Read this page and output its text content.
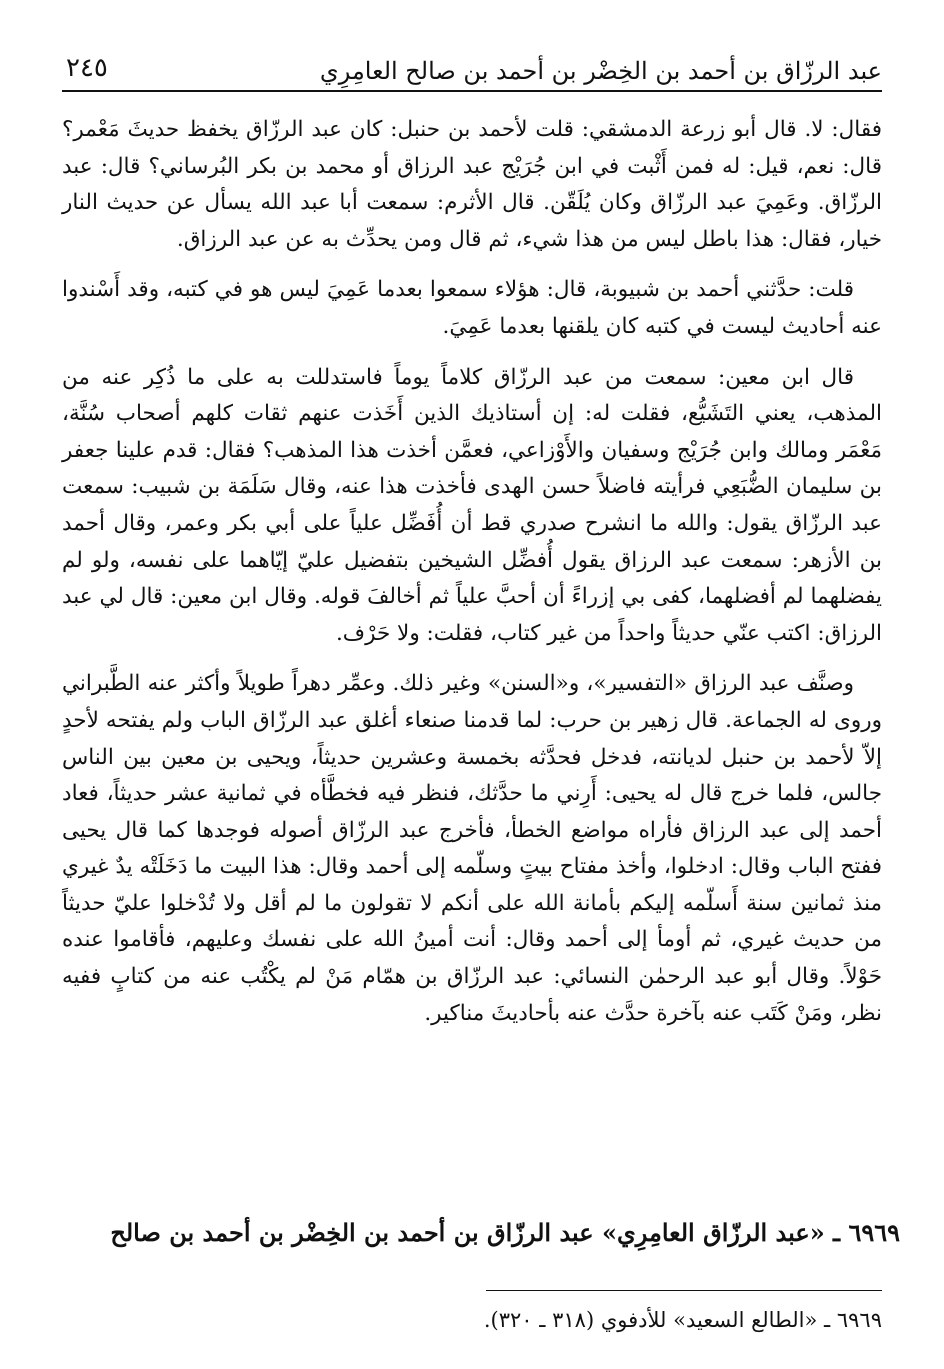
عبد الرزّاق بن أحمد بن الخِضْر بن أحمد بن صالح العامِرِي
٢٤٥

فقال: لا. قال أبو زرعة الدمشقي: قلت لأحمد بن حنبل: كان عبد الرزّاق يخفظ حديثَ مَعْمر؟ قال: نعم، قيل: له فمن أَثْبت في ابن جُرَيْج عبد الرزاق أو محمد بن بكر البُرساني؟ قال: عبد الرزّاق. وعَمِيَ عبد الرزّاق وكان يُلَقّن. قال الأثرم: سمعت أبا عبد الله يسأل عن حديث النار خيار، فقال: هذا باطل ليس من هذا شيء، ثم قال ومن يحدِّث به عن عبد الرزاق.

قلت: حدَّثني أحمد بن شبيوبة، قال: هؤلاء سمعوا بعدما عَمِيَ ليس هو في كتبه، وقد أَسْندوا عنه أحاديث ليست في كتبه كان يلقنها بعدما عَمِيَ.

قال ابن معين: سمعت من عبد الرزّاق كلاماً يوماً فاستدللت به على ما ذُكِر عنه من المذهب، يعني التَشَيُّع، فقلت له: إن أستاذيك الذين أَخَذت عنهم ثقات كلهم أصحاب سُنَّة، مَعْمَر ومالك وابن جُرَيْج وسفيان والأَوْزاعي، فعمَّن أخذت هذا المذهب؟ فقال: قدم علينا جعفر بن سليمان الضُّبَعِي فرأيته فاضلاً حسن الهدى فأخذت هذا عنه، وقال سَلَمَة بن شبيب: سمعت عبد الرزّاق يقول: والله ما انشرح صدري قط أن أُفَضِّل علياً على أبي بكر وعمر، وقال أحمد بن الأزهر: سمعت عبد الرزاق يقول أُفضِّل الشيخين بتفضيل عليّ إيّاهما على نفسه، ولو لم يفضلهما لم أفضلهما، كفى بي إزراءً أن أحبَّ علياً ثم أخالفَ قوله. وقال ابن معين: قال لي عبد الرزاق: اكتب عنّي حديثاً واحداً من غير كتاب، فقلت: ولا حَرْف.

وصنَّف عبد الرزاق «التفسير»، و«السنن» وغير ذلك. وعمِّر دهراً طويلاً وأكثر عنه الطَّبراني وروى له الجماعة. قال زهير بن حرب: لما قدمنا صنعاء أغلق عبد الرزّاق الباب ولم يفتحه لأحدٍ إلاّ لأحمد بن حنبل لديانته، فدخل فحدَّثه بخمسة وعشرين حديثاً، ويحيى بن معين بين الناس جالس، فلما خرج قال له يحيى: أَرِني ما حدَّثك، فنظر فيه فخطَّأه في ثمانية عشر حديثاً، فعاد أحمد إلى عبد الرزاق فأراه مواضع الخطأ، فأخرج عبد الرزّاق أصوله فوجدها كما قال يحيى ففتح الباب وقال: ادخلوا، وأخذ مفتاح بيتٍ وسلّمه إلى أحمد وقال: هذا البيت ما دَخَلَتْه يدٌ غيري منذ ثمانين سنة أَسلّمه إليكم بأمانة الله على أنكم لا تقولون ما لم أقل ولا تُدْخلوا عليّ حديثاً من حديث غيري، ثم أومأ إلى أحمد وقال: أنت أمينُ الله على نفسك وعليهم، فأقاموا عنده حَوْلاً. وقال أبو عبد الرحمٰن النسائي: عبد الرزّاق بن همّام مَنْ لم يكْتُب عنه من كتابٍ ففيه نظر، ومَنْ كَتَب عنه بآخرة حدَّث عنه بأحاديثَ مناكير.

٦٩٦٩ ـ «عبد الرزّاق العامِرِي» عبد الرزّاق بن أحمد بن الخِضْر بن أحمد بن صالح
٦٩٦٩ ـ «الطالع السعيد» للأدفوي (٣١٨ ـ ٣٢٠).
